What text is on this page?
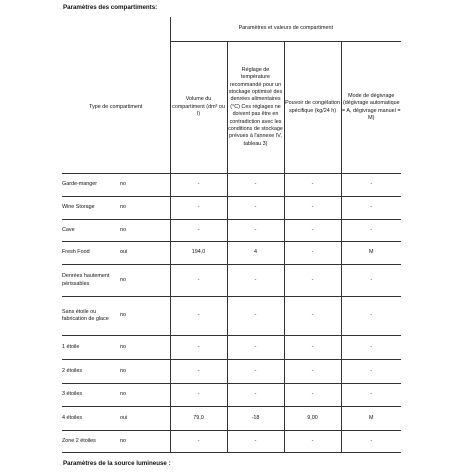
Paramètres des compartiments:
		Paramètres et valeurs de compartiment			
Type de compartiment		Volume du compartiment (dm³ ou l)	Réglage de température recommandé pour un stockage optimisé des denrées alimentaires (°C) Ces réglages ne doivent pas être en contradiction avec les conditions de stockage prévues à l'annexe IV, tableau 3)	Pouvoir de congélation spécifique (kg/24 h)	Mode de dégivrage (dégivrage automatique = A, dégivrage manuel = M)
Garde-manger	no	-	-	-	-
Wine Storage	no	-	-	-	-
Cave	no	-	-	-	-
Fresh Food	oui	194,0	4	-	M
Denrées hautement périssables	no	-	-	-	-
Sans étoile ou fabrication de glace	no	-	-	-	-
1 étoile	no	-	-	-	-
2 étoiles	no	-	-	-	-
3 étoiles	no	-	-	-	-
4 étoiles	oui	79,0	-18	9,00	M
Zone 2 étoiles	no	-	-	-	-
Paramètres de la source lumineuse :
